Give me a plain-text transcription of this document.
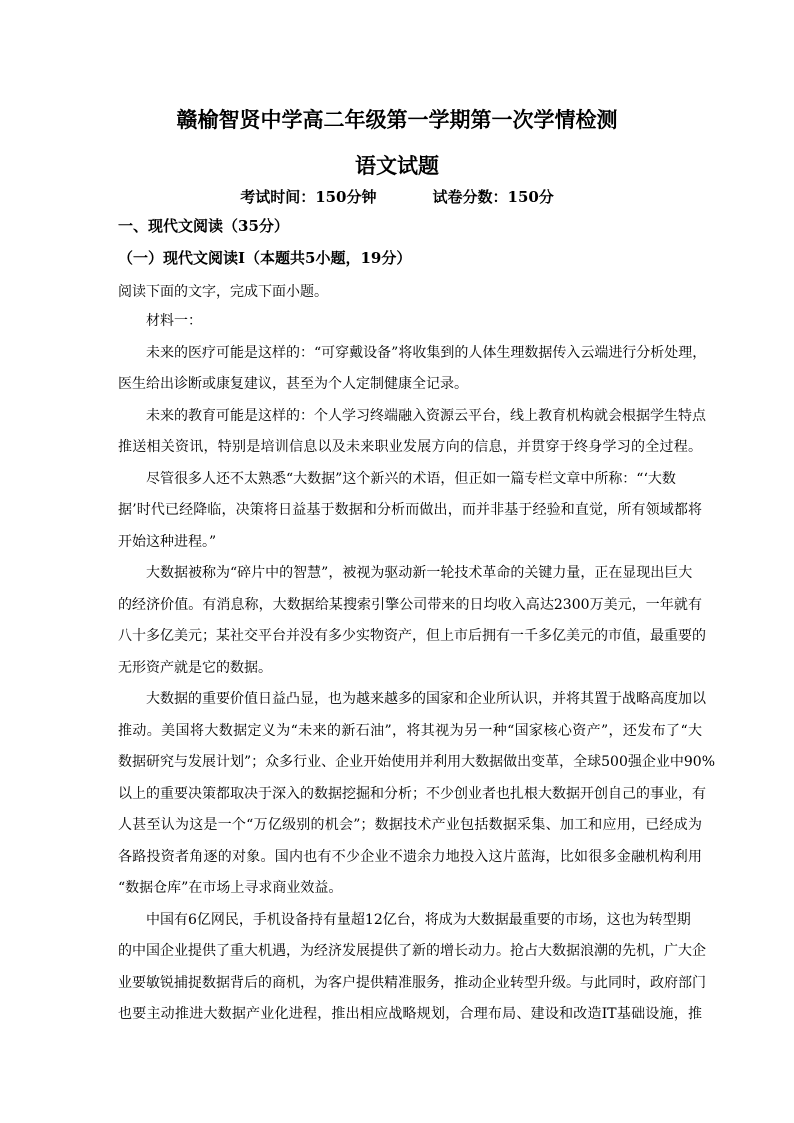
赣榆智贤中学高二年级第一学期第一次学情检测
语文试题
考试时间：150分钟	试卷分数：150分

一、现代文阅读（35分）

（一）现代文阅读Ⅰ（本题共5小题，19分）

阅读下面的文字，完成下面小题。

材料一：
未来的医疗可能是这样的：“可穿戴设备”将收集到的人体生理数据传入云端进行分析处理，
医生给出诊断或康复建议，甚至为个人定制健康全记录。
未来的教育可能是这样的：个人学习终端融入资源云平台，线上教育机构就会根据学生特点
推送相关资讯，特别是培训信息以及未来职业发展方向的信息，并贯穿于终身学习的全过程。
尽管很多人还不太熟悉“大数据”这个新兴的术语，但正如一篇专栏文章中所称：“‘大数
据’时代已经降临，决策将日益基于数据和分析而做出，而并非基于经验和直觉，所有领域都将
开始这种进程。”
大数据被称为“碎片中的智慧”，被视为驱动新一轮技术革命的关键力量，正在显现出巨大
的经济价值。有消息称，大数据给某搜索引擎公司带来的日均收入高达2300万美元，一年就有
八十多亿美元；某社交平台并没有多少实物资产，但上市后拥有一千多亿美元的市值，最重要的
无形资产就是它的数据。
大数据的重要价值日益凸显，也为越来越多的国家和企业所认识，并将其置于战略高度加以
推动。美国将大数据定义为“未来的新石油”，将其视为另一种“国家核心资产”，还发布了“大
数据研究与发展计划”；众多行业、企业开始使用并利用大数据做出变革，全球500强企业中90%
以上的重要决策都取决于深入的数据挖掘和分析；不少创业者也扎根大数据开创自己的事业，有
人甚至认为这是一个“万亿级别的机会”；数据技术产业包括数据采集、加工和应用，已经成为
各路投资者角逐的对象。国内也有不少企业不遗余力地投入这片蓝海，比如很多金融机构利用
“数据仓库”在市场上寻求商业效益。
中国有6亿网民，手机设备持有量超12亿台，将成为大数据最重要的市场，这也为转型期
的中国企业提供了重大机遇，为经济发展提供了新的增长动力。抢占大数据浪潮的先机，广大企
业要敏锐捕捉数据背后的商机，为客户提供精准服务，推动企业转型升级。与此同时，政府部门
也要主动推进大数据产业化进程，推出相应战略规划，合理布局、建设和改造IT基础设施，推
